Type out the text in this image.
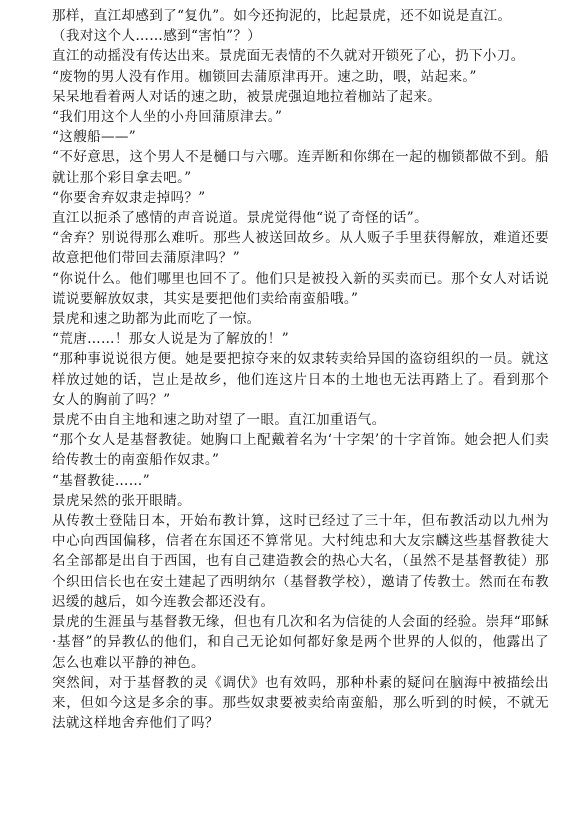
那样，直江却感到了“复仇”。如今还拘泥的，比起景虎，还不如说是直江。

（我对这个人……感到“害怕”？）

直江的动摇没有传达出来。景虎面无表情的不久就对开锁死了心，扔下小刀。

“废物的男人没有作用。枷锁回去蒲原津再开。速之助，喂，站起来。”

呆呆地看着两人对话的速之助，被景虎强迫地拉着枷站了起来。

“我们用这个人坐的小舟回蒲原津去。”

“这艘船——”

“不好意思，这个男人不是樋口与六哪。连弄断和你绑在一起的枷锁都做不到。船就让那个彩目拿去吧。”

“你要舍弃奴隶走掉吗？”

直江以扼杀了感情的声音说道。景虎觉得他“说了奇怪的话”。

“舍弃？别说得那么难听。那些人被送回故乡。从人贩子手里获得解放，难道还要故意把他们带回去蒲原津吗？”

“你说什么。他们哪里也回不了。他们只是被投入新的买卖而已。那个女人对话说谎说要解放奴隶，其实是要把他们卖给南蛮船哦。”

景虎和速之助都为此而吃了一惊。

“荒唐……！那女人说是为了解放的！”

“那种事说说很方便。她是要把掠夺来的奴隶转卖给异国的盗窃组织的一员。就这样放过她的话，岂止是故乡，他们连这片日本的土地也无法再踏上了。看到那个女人的胸前了吗？”

景虎不由自主地和速之助对望了一眼。直江加重语气。

“那个女人是基督教徒。她胸口上配戴着名为‘十字架’的十字首饰。她会把人们卖给传教士的南蛮船作奴隶。”

“基督教徒……”

景虎呆然的张开眼睛。

从传教士登陆日本，开始布教计算，这时已经过了三十年，但布教活动以九州为中心向西国偏移，信者在东国还不算常见。大村纯忠和大友宗麟这些基督教徒大名全部都是出自于西国，也有自己建造教会的热心大名，（虽然不是基督教徒）那个织田信长也在安土建起了西明纳尔（基督教学校），邀请了传教士。然而在布教迟缓的越后，如今连教会都还没有。

景虎的生涯虽与基督教无缘，但也有几次和名为信徒的人会面的经验。崇拜“耶稣·基督”的异教仏的他们，和自己无论如何都好象是两个世界的人似的，他露出了怎么也难以平静的神色。

突然间，对于基督教的灵《调伏》也有效吗，那种朴素的疑问在脑海中被描绘出来，但如今这是多余的事。那些奴隶要被卖给南蛮船，那么听到的时候，不就无法就这样地舍弃他们了吗？
